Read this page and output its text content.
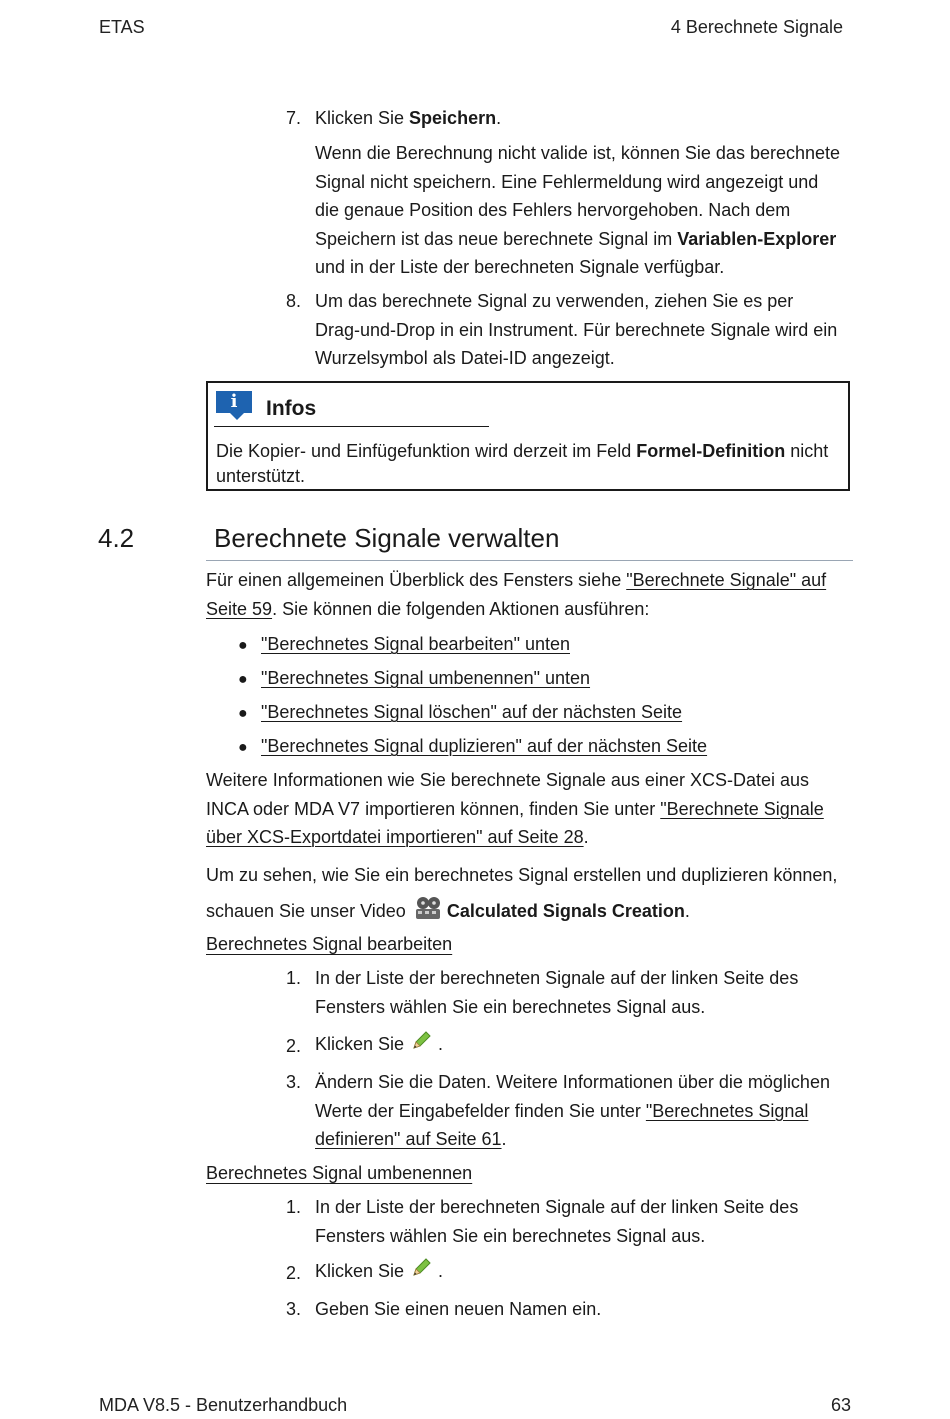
ETAS	4 Berechnete Signale
7. Klicken Sie Speichern.
Wenn die Berechnung nicht valide ist, können Sie das berechnete Signal nicht speichern. Eine Fehlermeldung wird angezeigt und die genaue Position des Fehlers hervorgehoben. Nach dem Speichern ist das neue berechnete Signal im Variablen-Explorer und in der Liste der berechneten Signale verfügbar.
8. Um das berechnete Signal zu verwenden, ziehen Sie es per Drag-und-Drop in ein Instrument. Für berechnete Signale wird ein Wurzelsymbol als Datei-ID angezeigt.
i	Infos
Die Kopier- und Einfügefunktion wird derzeit im Feld Formel-Definition nicht unterstützt.
4.2	Berechnete Signale verwalten
Für einen allgemeinen Überblick des Fensters siehe "Berechnete Signale" auf Seite 59. Sie können die folgenden Aktionen ausführen:
● "Berechnetes Signal bearbeiten" unten
● "Berechnetes Signal umbenennen" unten
● "Berechnetes Signal löschen" auf der nächsten Seite
● "Berechnetes Signal duplizieren" auf der nächsten Seite
Weitere Informationen wie Sie berechnete Signale aus einer XCS-Datei aus INCA oder MDA V7 importieren können, finden Sie unter "Berechnete Signale über XCS-Exportdatei importieren" auf Seite 28.
Um zu sehen, wie Sie ein berechnetes Signal erstellen und duplizieren können, schauen Sie unser Video Calculated Signals Creation.
Berechnetes Signal bearbeiten
1. In der Liste der berechneten Signale auf der linken Seite des Fensters wählen Sie ein berechnetes Signal aus.
2. Klicken Sie .
3. Ändern Sie die Daten. Weitere Informationen über die möglichen Werte der Eingabefelder finden Sie unter "Berechnetes Signal definieren" auf Seite 61.
Berechnetes Signal umbenennen
1. In der Liste der berechneten Signale auf der linken Seite des Fensters wählen Sie ein berechnetes Signal aus.
2. Klicken Sie .
3. Geben Sie einen neuen Namen ein.
MDA V8.5 - Benutzerhandbuch	63
